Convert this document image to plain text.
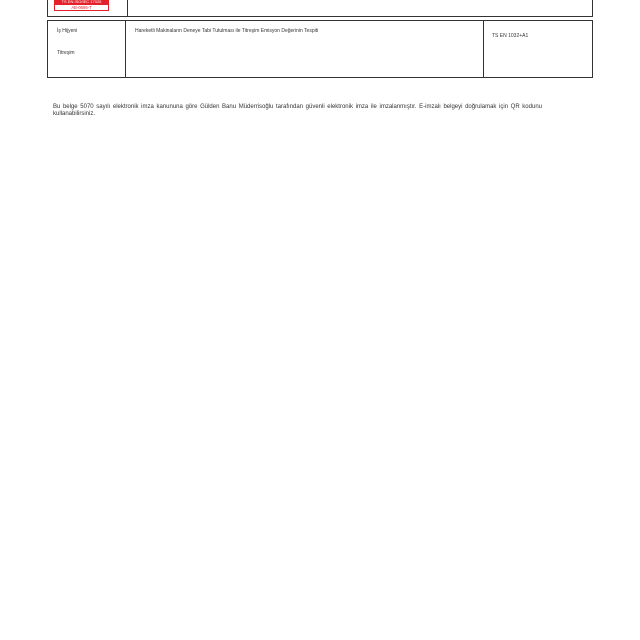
TS EN ISO/IEC 17025
AB-0695-T
İş Hijyeni
Titreşim
Hareketli Makinaların Deneye Tabi Tutulması ile Titreşim Emisyon Değerinin Tespiti
TS EN 1032+A1
Bu belge 5070 sayılı elektronik imza kanununa göre Gülden Banu Müderrisoğlu tarafından güvenli elektronik imza ile imzalanmıştır. E-imzalı belgeyi doğrulamak için QR kodunu kullanabilirsiniz.
